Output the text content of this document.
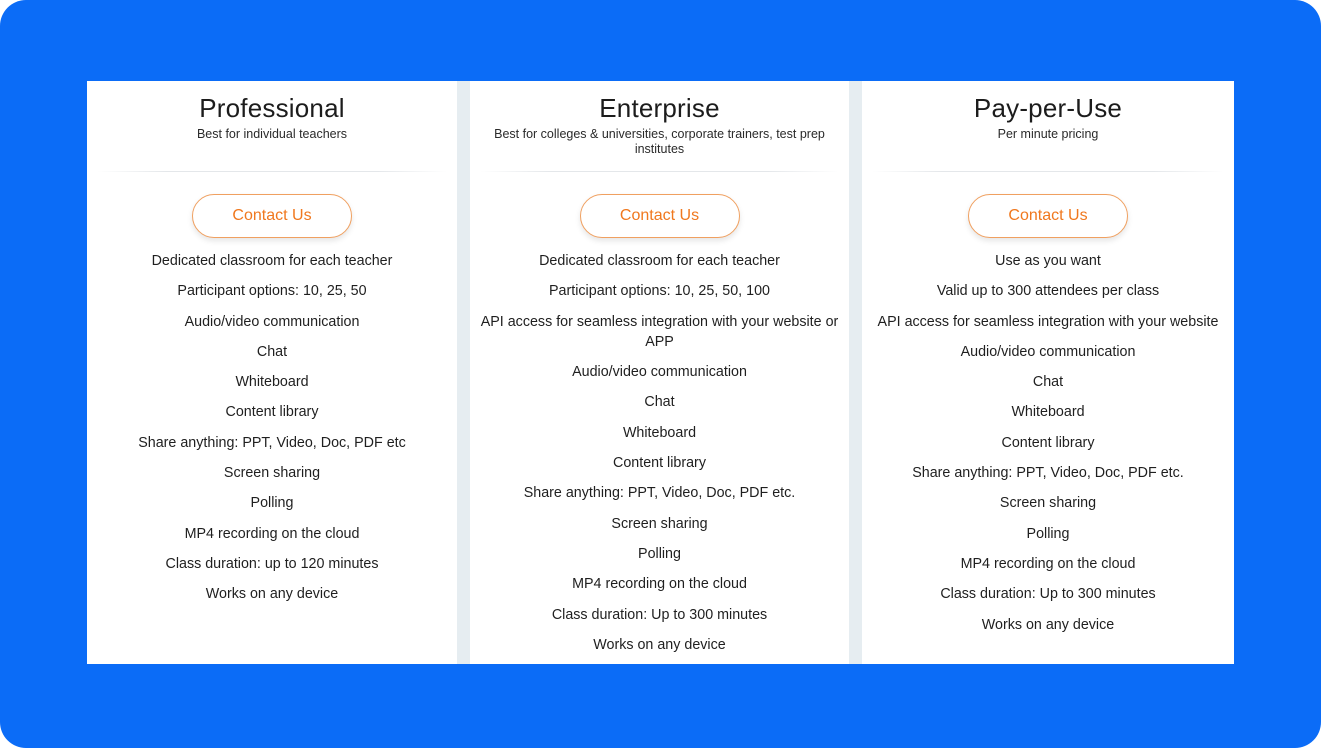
Professional
Best for individual teachers
Contact Us
Dedicated classroom for each teacher
Participant options: 10, 25, 50
Audio/video communication
Chat
Whiteboard
Content library
Share anything: PPT, Video, Doc, PDF etc
Screen sharing
Polling
MP4 recording on the cloud
Class duration: up to 120 minutes
Works on any device
Enterprise
Best for colleges & universities, corporate trainers, test prep institutes
Contact Us
Dedicated classroom for each teacher
Participant options: 10, 25, 50, 100
API access for seamless integration with your website or APP
Audio/video communication
Chat
Whiteboard
Content library
Share anything: PPT, Video, Doc, PDF etc.
Screen sharing
Polling
MP4 recording on the cloud
Class duration: Up to 300 minutes
Works on any device
Pay-per-Use
Per minute pricing
Contact Us
Use as you want
Valid up to 300 attendees per class
API access for seamless integration with your website
Audio/video communication
Chat
Whiteboard
Content library
Share anything: PPT, Video, Doc, PDF etc.
Screen sharing
Polling
MP4 recording on the cloud
Class duration: Up to 300 minutes
Works on any device
